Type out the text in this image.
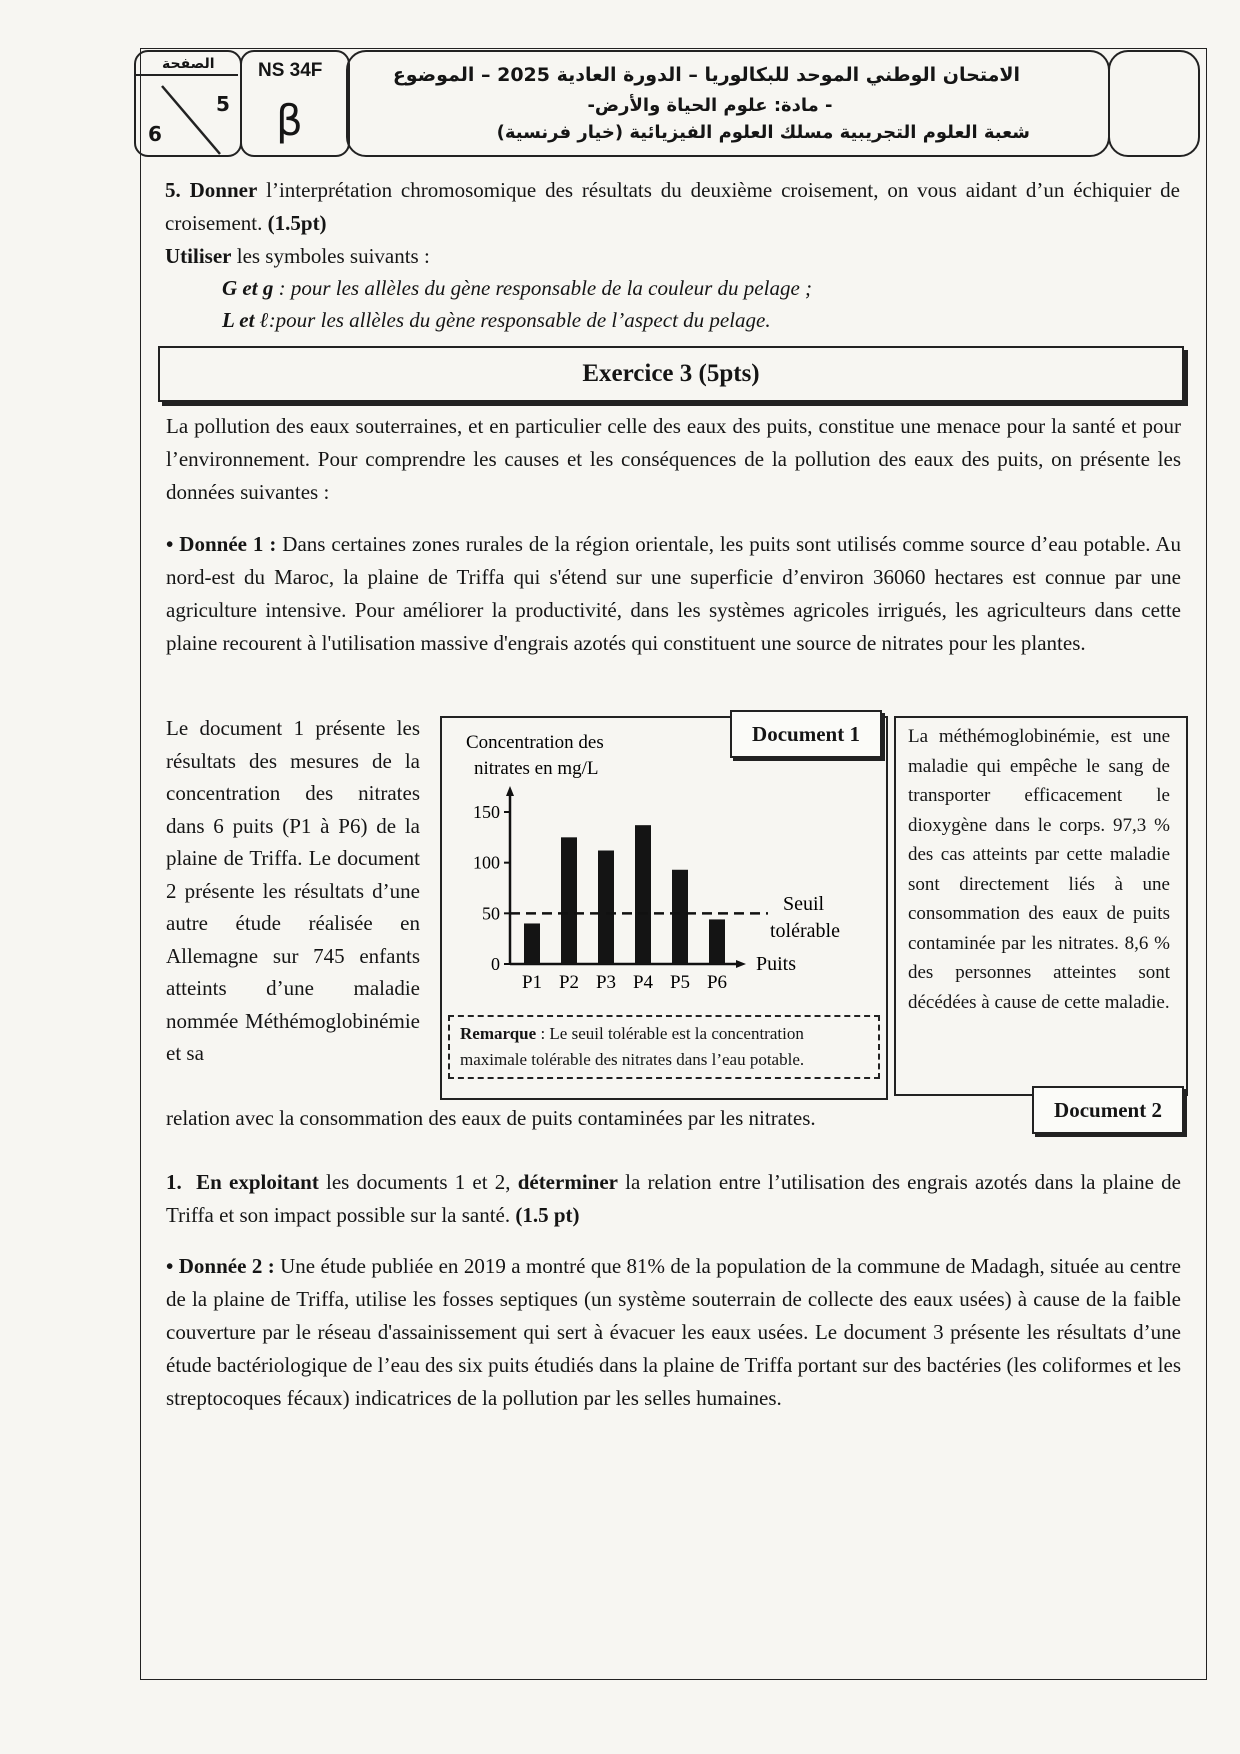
الصفحة
5
6
NS 34F
β
الامتحان الوطني الموحد للبكالوريا – الدورة العادية 2025 – الموضوع
- مادة: علوم الحياة والأرض-
شعبة العلوم التجريبية مسلك العلوم الفيزيائية (خيار فرنسية)
5. Donner l’interprétation chromosomique des résultats du deuxième croisement, on vous aidant d’un échiquier de croisement. (1.5pt)
Utiliser les symboles suivants :
G et g : pour les allèles du gène responsable de la couleur du pelage ;
L et ℓ:pour les allèles du gène responsable de l’aspect du pelage.
Exercice 3 (5pts)
La pollution des eaux souterraines, et en particulier celle des eaux des puits, constitue une menace pour la santé et pour l’environnement. Pour comprendre les causes et les conséquences de la pollution des eaux des puits, on présente les données suivantes :
• Donnée 1 : Dans certaines zones rurales de la région orientale, les puits sont utilisés comme source d’eau potable. Au nord-est du Maroc, la plaine de Triffa qui s'étend sur une superficie d’environ 36060 hectares est connue par une agriculture intensive. Pour améliorer la productivité, dans les systèmes agricoles irrigués, les agriculteurs dans cette plaine recourent à l'utilisation massive d'engrais azotés qui constituent une source de nitrates pour les plantes.
Le document 1 présente les résultats des mesures de la concentration des nitrates dans 6 puits (P1 à P6) de la plaine de Triffa. Le document 2 présente les résultats d’une autre étude réalisée en Allemagne sur 745 enfants atteints d’une maladie nommée Méthémoglobinémie et sa
relation avec la consommation des eaux de puits contaminées par les nitrates.
Document 1
Concentration des
nitrates en mg/L
Puits
0
50
100
150
Seuil
tolérable
P1 P2 P3 P4 P5 P6
Remarque : Le seuil tolérable est la concentration maximale tolérable des nitrates dans l’eau potable.
La méthémoglobinémie, est une maladie qui empêche le sang de transporter efficacement le dioxygène dans le corps. 97,3 % des cas atteints par cette maladie sont directement liés à une consommation des eaux de puits contaminée par les nitrates. 8,6 % des personnes atteintes sont décédées à cause de cette maladie.
Document 2
1. En exploitant les documents 1 et 2, déterminer la relation entre l’utilisation des engrais azotés dans la plaine de Triffa et son impact possible sur la santé. (1.5 pt)
• Donnée 2 : Une étude publiée en 2019 a montré que 81% de la population de la commune de Madagh, située au centre de la plaine de Triffa, utilise les fosses septiques (un système souterrain de collecte des eaux usées) à cause de la faible couverture par le réseau d'assainissement qui sert à évacuer les eaux usées. Le document 3 présente les résultats d’une étude bactériologique de l’eau des six puits étudiés dans la plaine de Triffa portant sur des bactéries (les coliformes et les streptocoques fécaux) indicatrices de la pollution par les selles humaines.
